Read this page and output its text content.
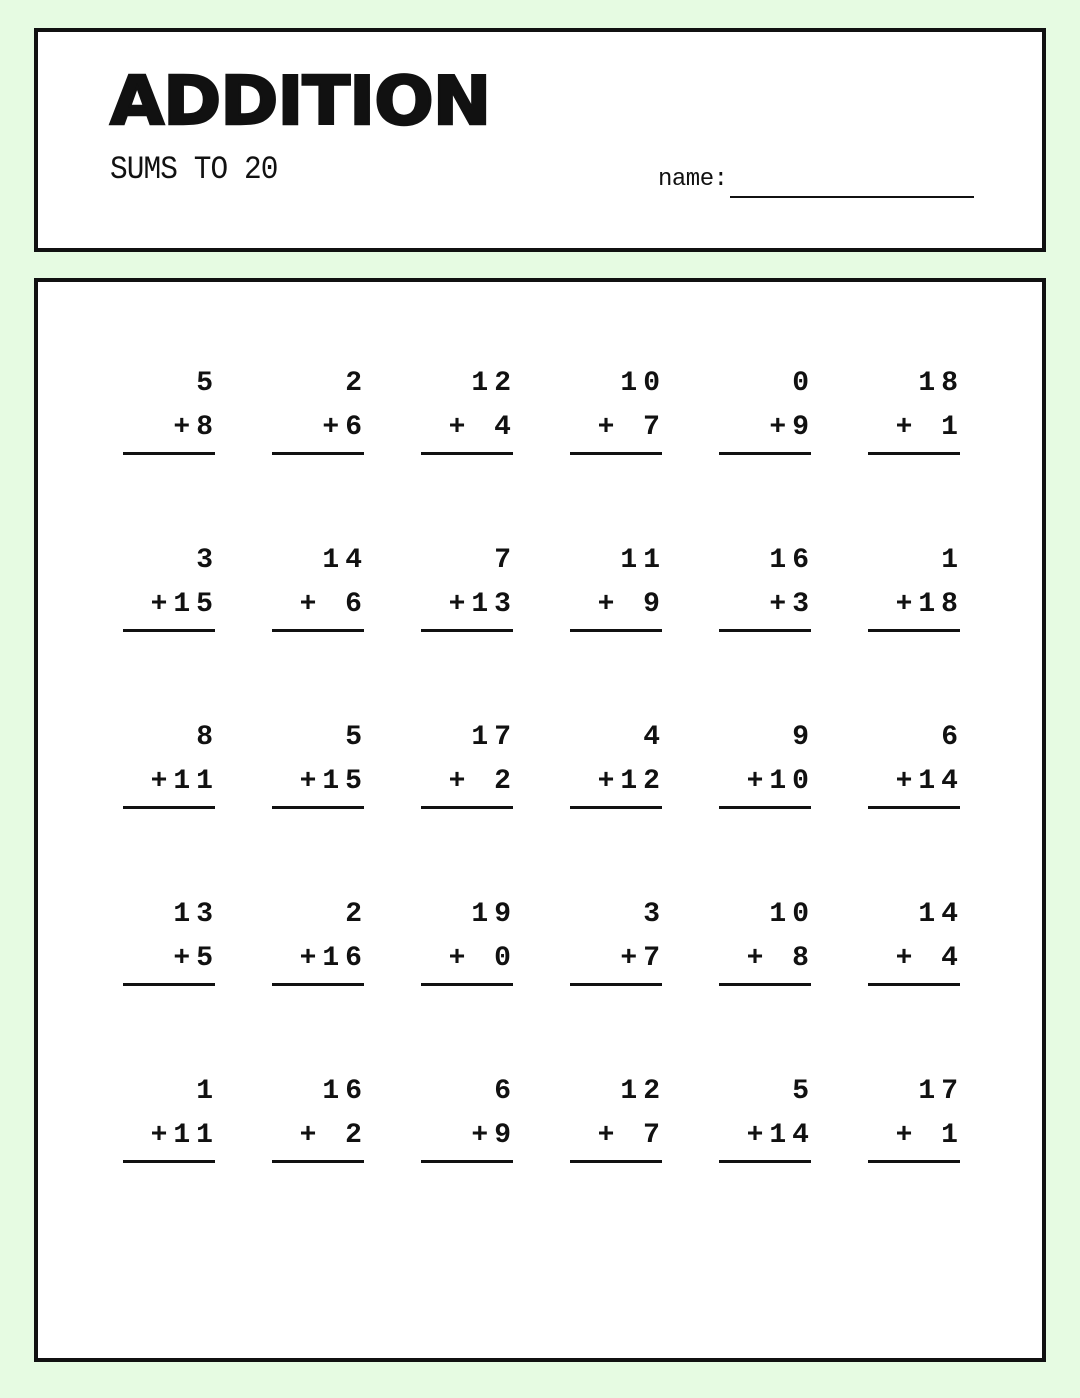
ADDITION
SUMS TO 20	name:
5
+8
2
+6
12
+ 4
10
+ 7
0
+9
18
+ 1
3
+15
14
+ 6
7
+13
11
+ 9
16
+3
1
+18
8
+11
5
+15
17
+ 2
4
+12
9
+10
6
+14
13
+5
2
+16
19
+ 0
3
+7
10
+ 8
14
+ 4
1
+11
16
+ 2
6
+9
12
+ 7
5
+14
17
+ 1
